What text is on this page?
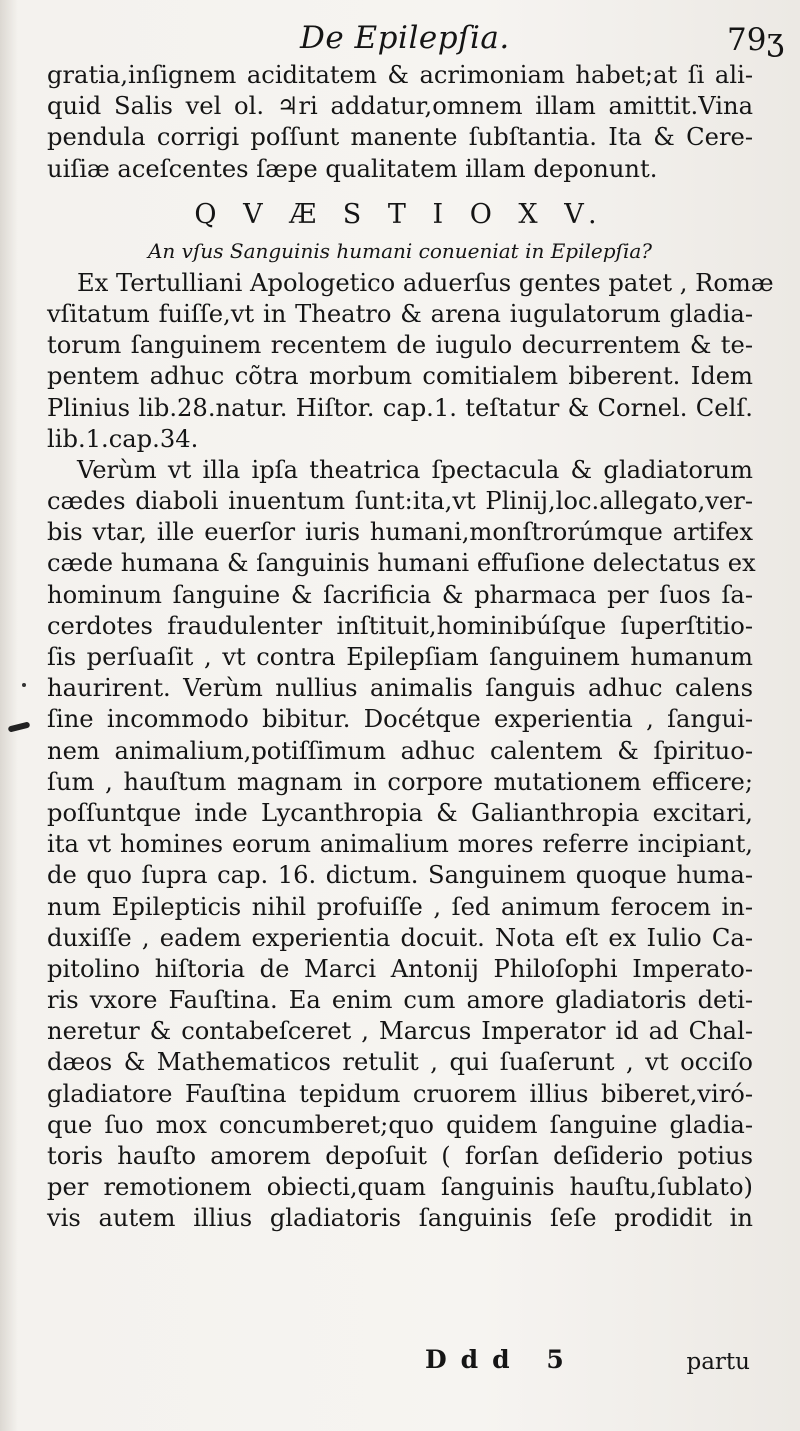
De Epilepſia.	79ʒ
gratia,inſignem aciditatem & acrimoniam habet;at ſi ali-
quid Salis vel ol. ♃ri addatur,omnem illam amittit.Vina
pendula corrigi poſſunt manente ſubſtantia. Ita & Cere-
uiſiæ aceſcentes ſæpe qualitatem illam deponunt.
Q V Æ S T I O X V.
An vſus Sanguinis humani conueniat in Epilepſia?
Ex Tertulliani Apologetico aduerſus gentes patet , Romæ
vſitatum fuiſſe,vt in Theatro & arena iugulatorum gladia-
torum ſanguinem recentem de iugulo decurrentem & te-
pentem adhuc cõtra morbum comitialem biberent. Idem
Plinius lib.28.natur. Hiſtor. cap.1. teſtatur & Cornel. Celſ.
lib.1.cap.34.
Verùm vt illa ipſa theatrica ſpectacula & gladiatorum
cædes diaboli inuentum ſunt:ita,vt Plinij,loc.allegato,ver-
bis vtar, ille euerſor iuris humani,monſtrorúmque artifex
cæde humana & ſanguinis humani effuſione delectatus ex
hominum ſanguine & ſacrificia & pharmaca per ſuos ſa-
cerdotes fraudulenter inſtituit,hominibúſque ſuperſtitio-
ſis perſuaſit , vt contra Epilepſiam ſanguinem humanum
haurirent. Verùm nullius animalis ſanguis adhuc calens
ſine incommodo bibitur. Docétque experientia , ſangui-
nem animalium,potiſſimum adhuc calentem & ſpirituo-
ſum , hauſtum magnam in corpore mutationem efficere;
poſſuntque inde Lycanthropia & Galianthropia excitari,
ita vt homines eorum animalium mores referre incipiant,
de quo ſupra cap. 16. dictum. Sanguinem quoque huma-
num Epilepticis nihil profuiſſe , ſed animum ferocem in-
duxiſſe , eadem experientia docuit. Nota eſt ex Iulio Ca-
pitolino hiſtoria de Marci Antonij Philoſophi Imperato-
ris vxore Fauſtina. Ea enim cum amore gladiatoris deti-
neretur & contabeſceret , Marcus Imperator id ad Chal-
dæos & Mathematicos retulit , qui ſuaſerunt , vt occiſo
gladiatore Fauſtina tepidum cruorem illius biberet,viró-
que ſuo mox concumberet;quo quidem ſanguine gladia-
toris hauſto amorem depoſuit ( forſan deſiderio potius
per remotionem obiecti,quam ſanguinis hauſtu,ſublato)
vis autem illius gladiatoris ſanguinis ſeſe prodidit in
Ddd 5	partu
